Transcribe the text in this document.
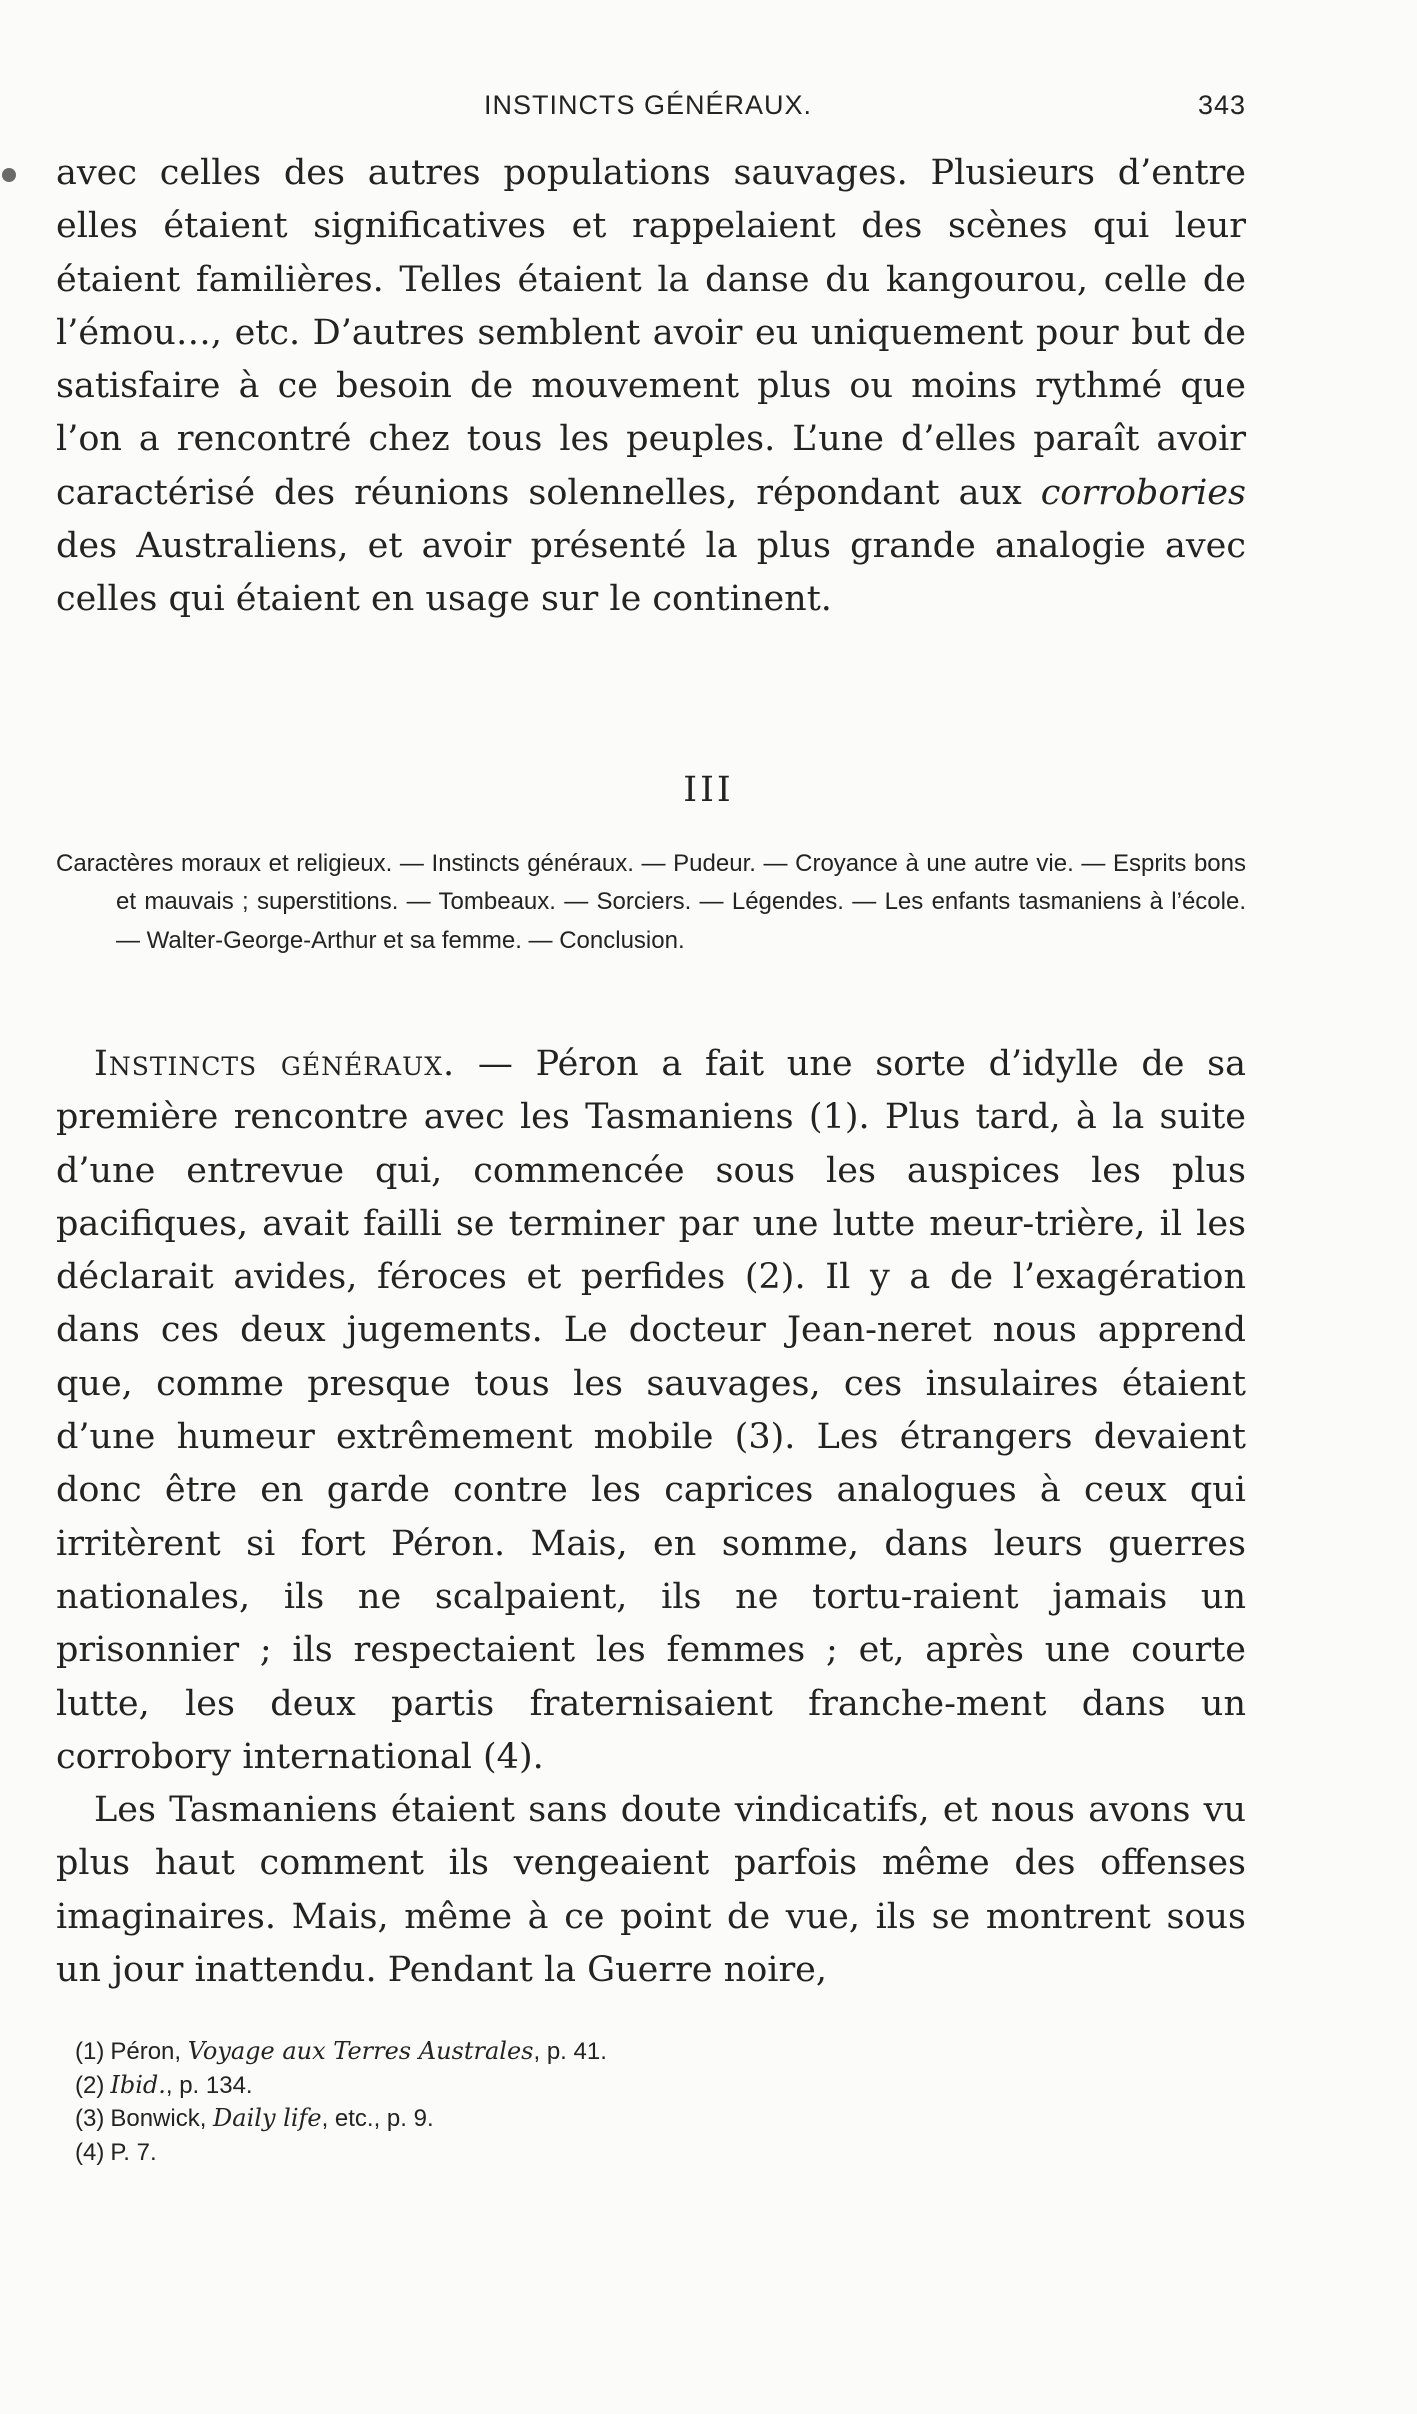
INSTINCTS GÉNÉRAUX.	343

avec celles des autres populations sauvages. Plusieurs d’entre elles étaient significatives et rappelaient des scènes qui leur étaient familières. Telles étaient la danse du kangourou, celle de l’émou…, etc. D’autres semblent avoir eu uniquement pour but de satisfaire à ce besoin de mouvement plus ou moins rythmé que l’on a rencontré chez tous les peuples. L’une d’elles paraît avoir caractérisé des réunions solennelles, répondant aux corrobories des Australiens, et avoir présenté la plus grande analogie avec celles qui étaient en usage sur le continent.

III
Caractères moraux et religieux. — Instincts généraux. — Pudeur. — Croyance à une autre vie. — Esprits bons et mauvais ; superstitions. — Tombeaux. — Sorciers. — Légendes. — Les enfants tasmaniens à l’école. — Walter-George-Arthur et sa femme. — Conclusion.

Instincts généraux. — Péron a fait une sorte d’idylle de sa première rencontre avec les Tasmaniens (1). Plus tard, à la suite d’une entrevue qui, commencée sous les auspices les plus pacifiques, avait failli se terminer par une lutte meur-trière, il les déclarait avides, féroces et perfides (2). Il y a de l’exagération dans ces deux jugements. Le docteur Jean-neret nous apprend que, comme presque tous les sauvages, ces insulaires étaient d’une humeur extrêmement mobile (3). Les étrangers devaient donc être en garde contre les caprices analogues à ceux qui irritèrent si fort Péron. Mais, en somme, dans leurs guerres nationales, ils ne scalpaient, ils ne tortu-raient jamais un prisonnier ; ils respectaient les femmes ; et, après une courte lutte, les deux partis fraternisaient franche-ment dans un corrobory international (4).

Les Tasmaniens étaient sans doute vindicatifs, et nous avons vu plus haut comment ils vengeaient parfois même des offenses imaginaires. Mais, même à ce point de vue, ils se montrent sous un jour inattendu. Pendant la Guerre noire,

(1) Péron, Voyage aux Terres Australes, p. 41.
(2) Ibid., p. 134.
(3) Bonwick, Daily life, etc., p. 9.
(4) P. 7.
